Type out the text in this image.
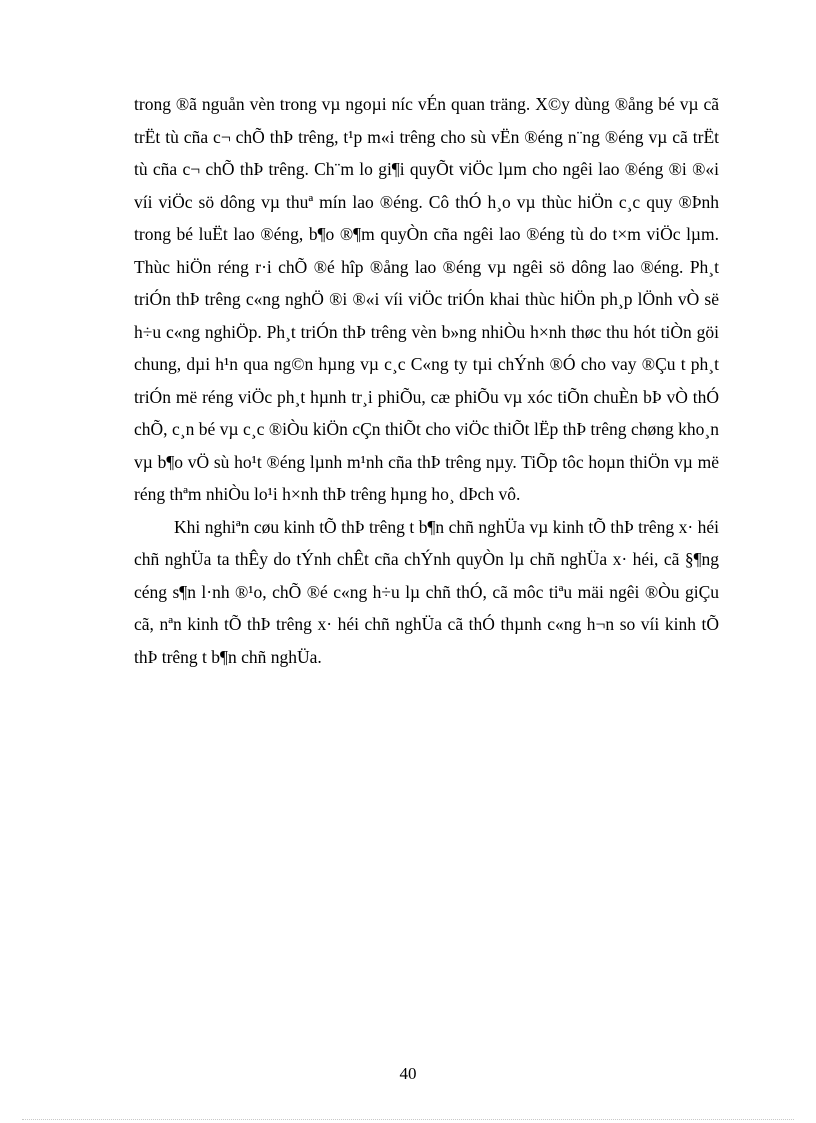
trong ®ã nguån vèn trong vµ ngoµi níc vÉn quan träng. X©y dùng ®ång bé vµ cã trËt tù cña c¬ chÕ thÞ trêng, t¹p m«i trêng cho sù vËn ®éng n¨ng ®éng vµ cã trËt tù cña c¬ chÕ thÞ trêng. Ch¨m lo gi¶i quyÕt viÖc lµm cho ngêi lao ®éng ®i ®«i víi viÖc sö dông vµ thuª mín lao ®éng. Cô thÓ h¸o vµ thùc hiÖn c¸c quy ®Þnh trong bé luËt lao ®éng, b¶o ®¶m quyÒn cña ngêi lao ®éng tù do t×m viÖc lµm. Thùc hiÖn réng r·i chÕ ®é hîp ®ång lao ®éng vµ ngêi sö dông lao ®éng. Ph¸t triÓn thÞ trêng c«ng nghÖ ®i ®«i víi viÖc triÓn khai thùc hiÖn ph¸p lÖnh vÒ së h÷u c«ng nghiÖp. Ph¸t triÓn thÞ trêng vèn b»ng nhiÒu h×nh thøc thu hót tiÒn göi chung, dµi h¹n qua ng©n hµng vµ c¸c C«ng ty tµi chÝnh ®Ó cho vay ®Çu t ph¸t triÓn më réng viÖc ph¸t hµnh tr¸i phiÕu, cæ phiÕu vµ xóc tiÕn chuÈn bÞ vÒ thÓ chÕ, c¸n bé vµ c¸c ®iÒu kiÖn cÇn thiÕt cho viÖc thiÕt lËp thÞ trêng chøng kho¸n vµ b¶o vÖ sù ho¹t ®éng lµnh m¹nh cña thÞ trêng nµy. TiÕp tôc hoµn thiÖn vµ më réng thªm nhiÒu lo¹i h×nh thÞ trêng hµng ho¸ dÞch vô.

Khi nghiªn cøu kinh tÕ thÞ trêng t b¶n chñ nghÜa vµ kinh tÕ thÞ trêng x· héi chñ nghÜa ta thÊy do tÝnh chÊt cña chÝnh quyÒn lµ chñ nghÜa x· héi, cã §¶ng céng s¶n l·nh ®¹o, chÕ ®é c«ng h÷u lµ chñ thÓ, cã môc tiªu mäi ngêi ®Òu giÇu cã, nªn kinh tÕ thÞ trêng x· héi chñ nghÜa cã thÓ thµnh c«ng h¬n so víi kinh tÕ thÞ trêng t b¶n chñ nghÜa.

40
